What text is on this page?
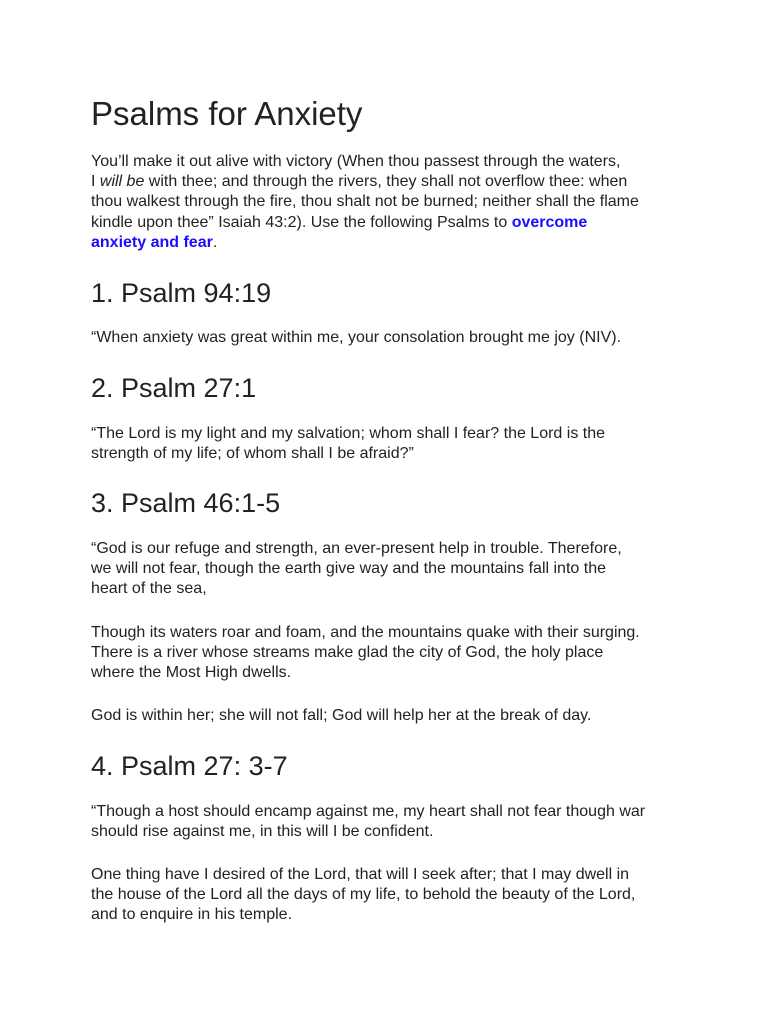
Psalms for Anxiety

You’ll make it out alive with victory (When thou passest through the waters,
I will be with thee; and through the rivers, they shall not overflow thee: when
thou walkest through the fire, thou shalt not be burned; neither shall the flame
kindle upon thee” Isaiah 43:2). Use the following Psalms to overcome
anxiety and fear.

1. Psalm 94:19

“When anxiety was great within me, your consolation brought me joy (NIV).

2. Psalm 27:1

“The Lord is my light and my salvation; whom shall I fear? the Lord is the
strength of my life; of whom shall I be afraid?”

3. Psalm 46:1-5

“God is our refuge and strength, an ever-present help in trouble. Therefore,
we will not fear, though the earth give way and the mountains fall into the
heart of the sea,

Though its waters roar and foam, and the mountains quake with their surging.
There is a river whose streams make glad the city of God, the holy place
where the Most High dwells.

God is within her; she will not fall; God will help her at the break of day.

4. Psalm 27: 3-7

“Though a host should encamp against me, my heart shall not fear though war
should rise against me, in this will I be confident.

One thing have I desired of the Lord, that will I seek after; that I may dwell in
the house of the Lord all the days of my life, to behold the beauty of the Lord,
and to enquire in his temple.
